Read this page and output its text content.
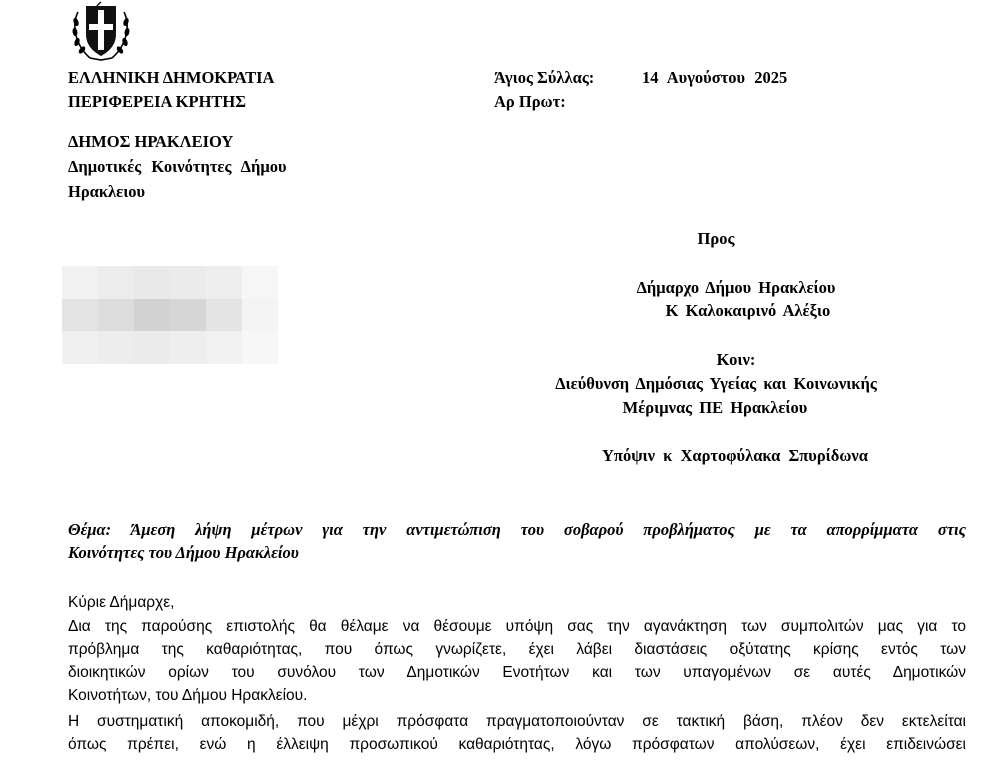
ΕΛΛΗΝΙΚΗ ΔΗΜΟΚΡΑΤΙΑ
ΠΕΡΙΦΕΡΕΙΑ ΚΡΗΤΗΣ
ΔΗΜΟΣ ΗΡΑΚΛΕΙΟΥ
Δημοτικές Κοινότητες Δήμου
Ηρακλειου
Άγιος Σύλλας:	14 Αυγούστου 2025
Αρ Πρωτ:
Προς
Δήμαρχο Δήμου Ηρακλείου
Κ Καλοκαιρινό Αλέξιο
Κοιν:
Διεύθυνση Δημόσιας Υγείας και Κοινωνικής
Μέριμνας ΠΕ Ηρακλείου
Υπόψιν κ Χαρτοφύλακα Σπυρίδωνα
Θέμα: Άμεση λήψη μέτρων για την αντιμετώπιση του σοβαρού προβλήματος με τα απορρίμματα στις
Κοινότητες του Δήμου Ηρακλείου
Κύριε Δήμαρχε,
Δια της παρούσης επιστολής θα θέλαμε να θέσουμε υπόψη σας την αγανάκτηση των συμπολιτών μας για το
πρόβλημα της καθαριότητας, που όπως γνωρίζετε, έχει λάβει διαστάσεις οξύτατης κρίσης εντός των
διοικητικών ορίων του συνόλου των Δημοτικών Ενοτήτων και των υπαγομένων σε αυτές Δημοτικών
Κοινοτήτων, του Δήμου Ηρακλείου.
Η συστηματική αποκομιδή, που μέχρι πρόσφατα πραγματοποιούνταν σε τακτική βάση, πλέον δεν εκτελείται
όπως πρέπει, ενώ η έλλειψη προσωπικού καθαριότητας, λόγω πρόσφατων απολύσεων, έχει επιδεινώσει
